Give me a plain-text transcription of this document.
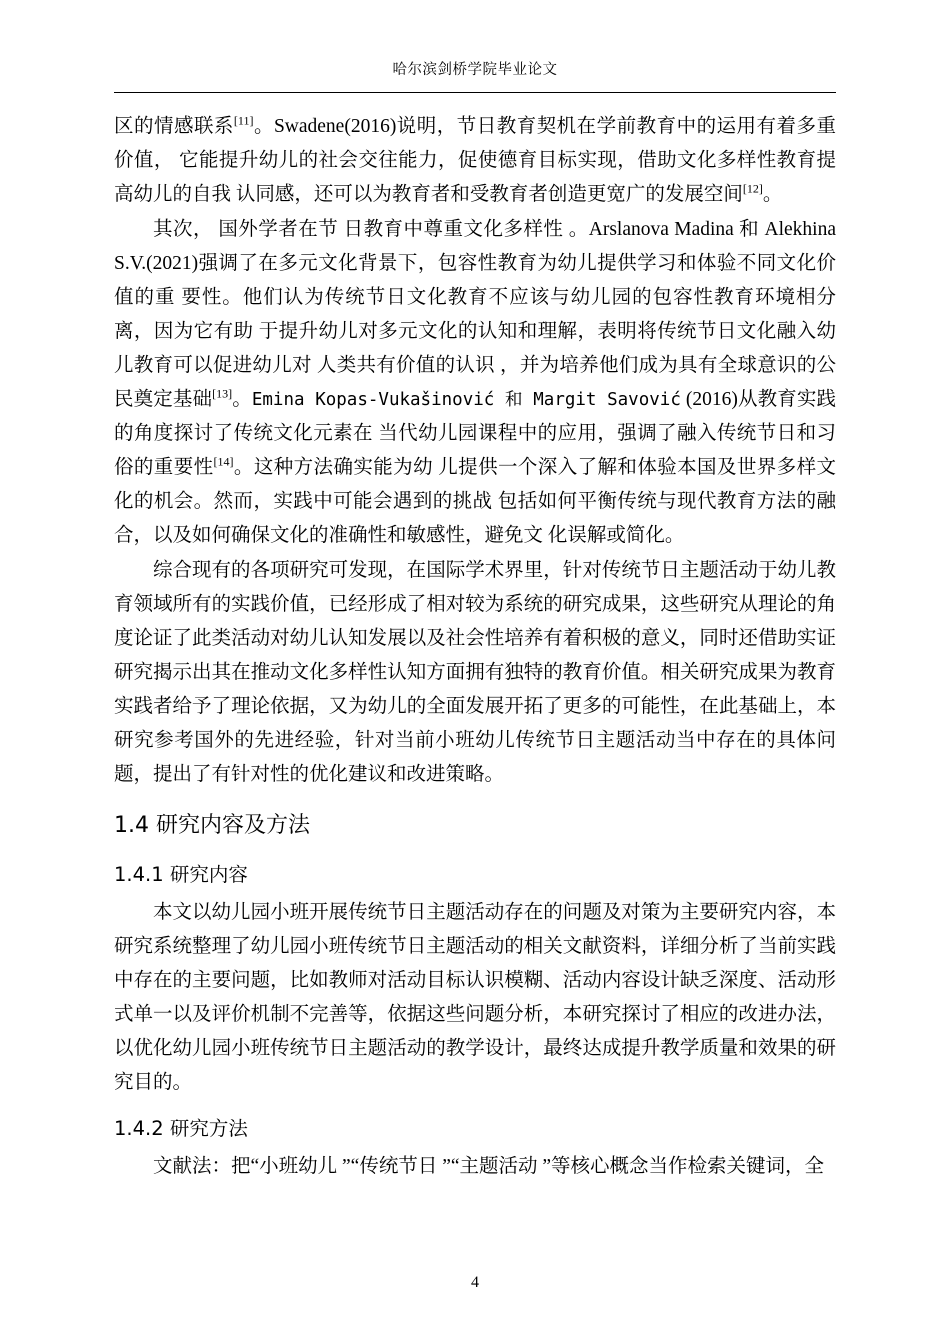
哈尔滨剑桥学院毕业论文

区的情感联系[11]。Swadene(2016)说明，节日教育契机在学前教育中的运用有着多重价值， 它能提升幼儿的社会交往能力，促使德育目标实现，借助文化多样性教育提高幼儿的自我 认同感，还可以为教育者和受教育者创造更宽广的发展空间[12]。

其次， 国外学者在节 日教育中尊重文化多样性 。Arslanova Madina 和 Alekhina S.V.(2021)强调了在多元文化背景下，包容性教育为幼儿提供学习和体验不同文化价值的重 要性。他们认为传统节日文化教育不应该与幼儿园的包容性教育环境相分离，因为它有助 于提升幼儿对多元文化的认知和理解，表明将传统节日文化融入幼儿教育可以促进幼儿对 人类共有价值的认识 ，并为培养他们成为具有全球意识的公民奠定基础[13]。Emina Kopas-Vukašinović 和 Margit Savović (2016)从教育实践的角度探讨了传统文化元素在 当代幼儿园课程中的应用，强调了融入传统节日和习俗的重要性[14]。这种方法确实能为幼 儿提供一个深入了解和体验本国及世界多样文化的机会。然而，实践中可能会遇到的挑战 包括如何平衡传统与现代教育方法的融合，以及如何确保文化的准确性和敏感性，避免文 化误解或简化。

综合现有的各项研究可发现，在国际学术界里，针对传统节日主题活动于幼儿教育领域所有的实践价值，已经形成了相对较为系统的研究成果，这些研究从理论的角度论证了此类活动对幼儿认知发展以及社会性培养有着积极的意义，同时还借助实证研究揭示出其在推动文化多样性认知方面拥有独特的教育价值。相关研究成果为教育实践者给予了理论依据，又为幼儿的全面发展开拓了更多的可能性，在此基础上，本研究参考国外的先进经验，针对当前小班幼儿传统节日主题活动当中存在的具体问题，提出了有针对性的优化建议和改进策略。

1.4 研究内容及方法
1.4.1 研究内容

本文以幼儿园小班开展传统节日主题活动存在的问题及对策为主要研究内容，本研究系统整理了幼儿园小班传统节日主题活动的相关文献资料，详细分析了当前实践中存在的主要问题，比如教师对活动目标认识模糊、活动内容设计缺乏深度、活动形式单一以及评价机制不完善等，依据这些问题分析，本研究探讨了相应的改进办法，以优化幼儿园小班传统节日主题活动的教学设计，最终达成提升教学质量和效果的研究目的。

1.4.2 研究方法

文献法：把“小班幼儿 ”“传统节日 ”“主题活动 ”等核心概念当作检索关键词，全

4
